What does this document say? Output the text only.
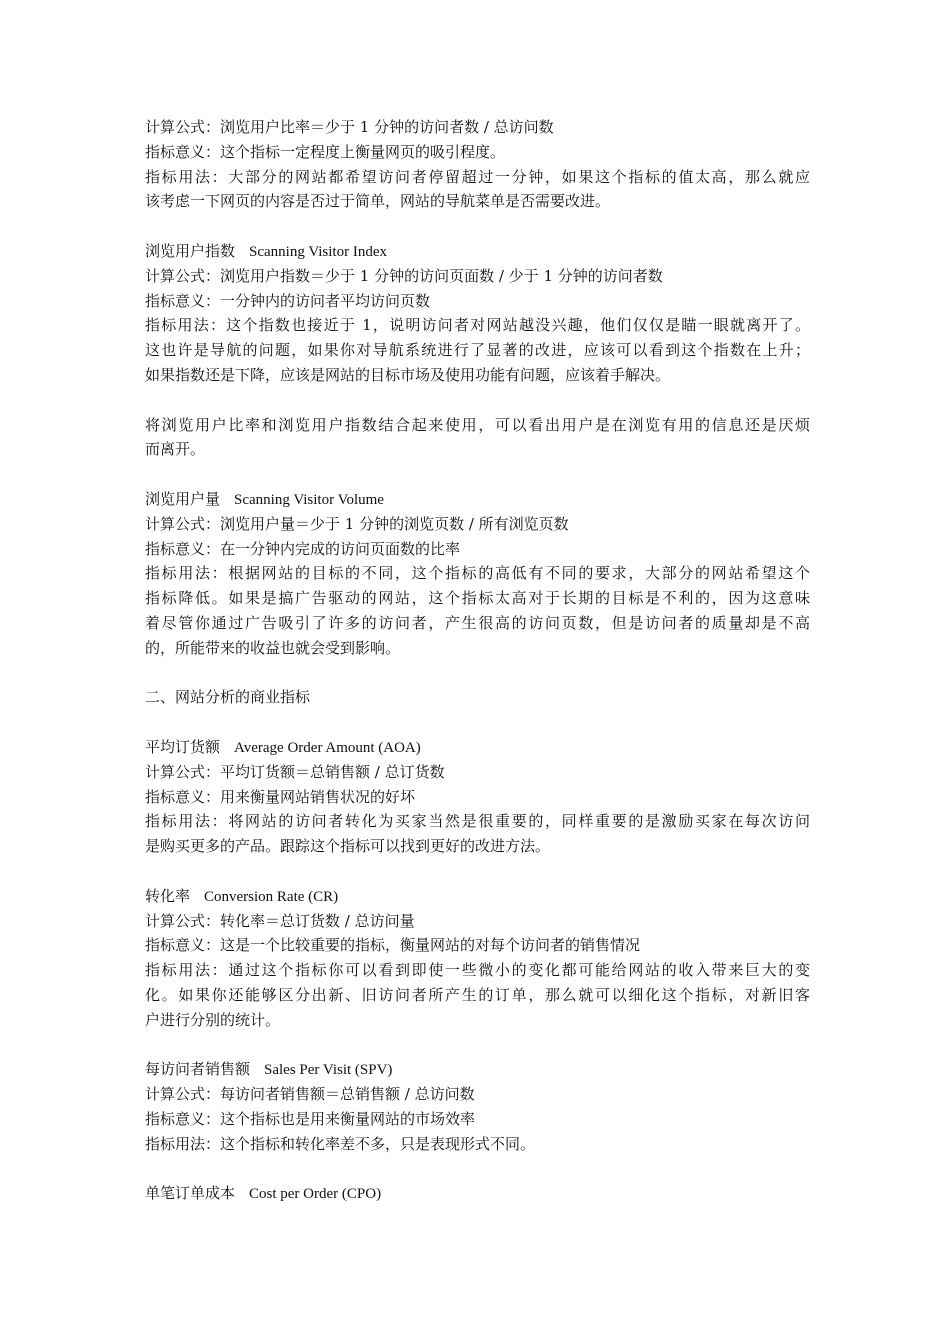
计算公式：浏览用户比率＝少于 1 分钟的访问者数 / 总访问数
指标意义：这个指标一定程度上衡量网页的吸引程度。
指标用法：大部分的网站都希望访问者停留超过一分钟，如果这个指标的值太高，那么就应
该考虑一下网页的内容是否过于简单，网站的导航菜单是否需要改进。
浏览用户指数 Scanning Visitor Index
计算公式：浏览用户指数＝少于 1 分钟的访问页面数 / 少于 1 分钟的访问者数
指标意义：一分钟内的访问者平均访问页数
指标用法：这个指数也接近于 1，说明访问者对网站越没兴趣，他们仅仅是瞄一眼就离开了。
这也许是导航的问题，如果你对导航系统进行了显著的改进，应该可以看到这个指数在上升；
如果指数还是下降，应该是网站的目标市场及使用功能有问题，应该着手解决。
将浏览用户比率和浏览用户指数结合起来使用，可以看出用户是在浏览有用的信息还是厌烦
而离开。
浏览用户量 Scanning Visitor Volume
计算公式：浏览用户量＝少于 1 分钟的浏览页数 / 所有浏览页数
指标意义：在一分钟内完成的访问页面数的比率
指标用法：根据网站的目标的不同，这个指标的高低有不同的要求，大部分的网站希望这个
指标降低。如果是搞广告驱动的网站，这个指标太高对于长期的目标是不利的，因为这意味
着尽管你通过广告吸引了许多的访问者，产生很高的访问页数，但是访问者的质量却是不高
的，所能带来的收益也就会受到影响。
二、网站分析的商业指标
平均订货额 Average Order Amount (AOA)
计算公式：平均订货额＝总销售额 / 总订货数
指标意义：用来衡量网站销售状况的好坏
指标用法：将网站的访问者转化为买家当然是很重要的，同样重要的是激励买家在每次访问
是购买更多的产品。跟踪这个指标可以找到更好的改进方法。
转化率 Conversion Rate (CR)
计算公式：转化率＝总订货数 / 总访问量
指标意义：这是一个比较重要的指标，衡量网站的对每个访问者的销售情况
指标用法：通过这个指标你可以看到即使一些微小的变化都可能给网站的收入带来巨大的变
化。如果你还能够区分出新、旧访问者所产生的订单，那么就可以细化这个指标，对新旧客
户进行分别的统计。
每访问者销售额 Sales Per Visit (SPV)
计算公式：每访问者销售额＝总销售额 / 总访问数
指标意义：这个指标也是用来衡量网站的市场效率
指标用法：这个指标和转化率差不多，只是表现形式不同。
单笔订单成本 Cost per Order (CPO)
